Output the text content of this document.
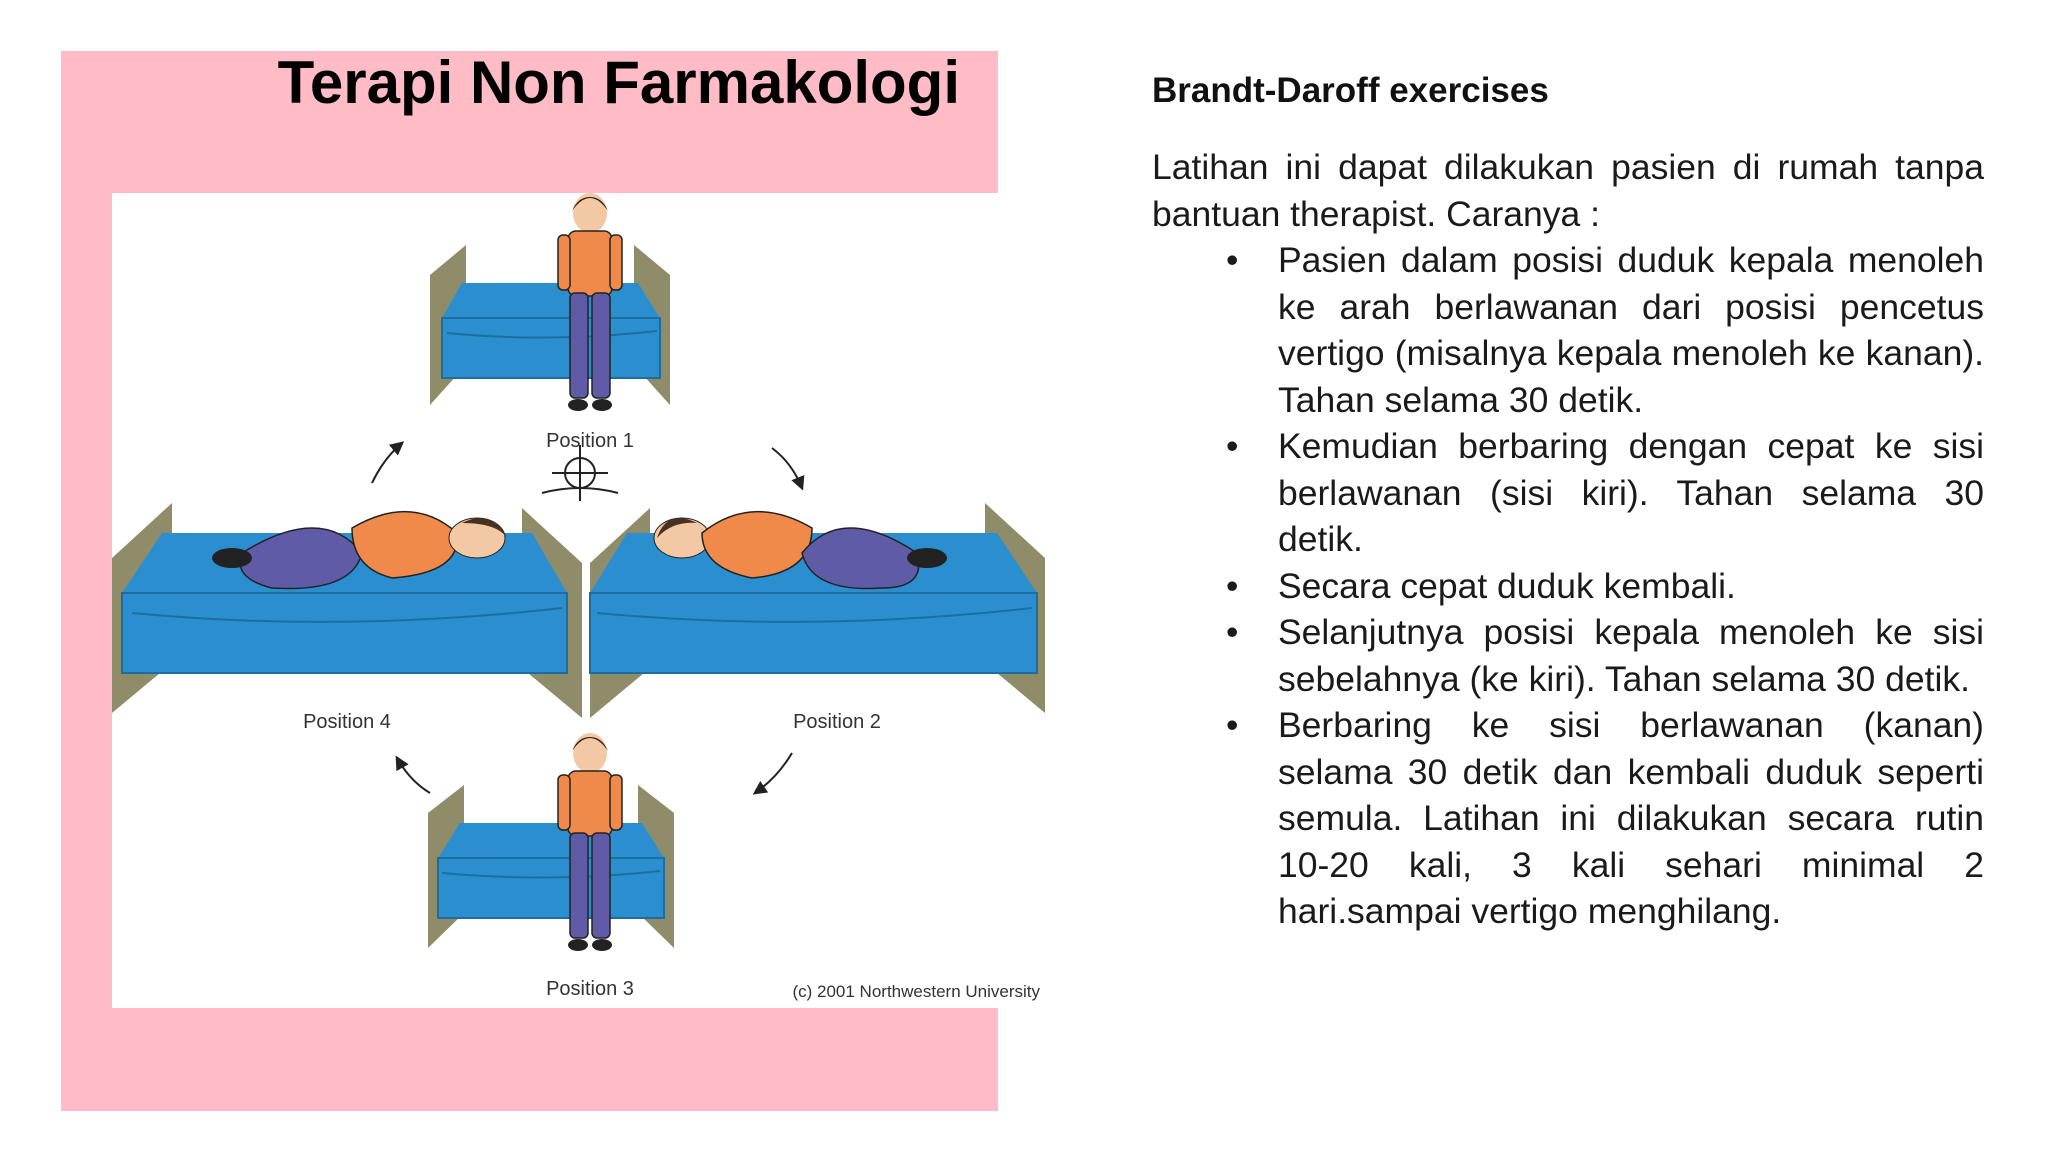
Terapi Non Farmakologi
Position 1
Position 2
Position 3
Position 4
(c) 2001 Northwestern University
Brandt-Daroff exercises

Latihan ini dapat dilakukan pasien di rumah tanpa bantuan therapist. Caranya :

• Pasien dalam posisi duduk kepala menoleh ke arah berlawanan dari posisi pencetus vertigo (misalnya kepala menoleh ke kanan). Tahan selama 30 detik.
• Kemudian berbaring dengan cepat ke sisi berlawanan (sisi kiri). Tahan selama 30 detik.
• Secara cepat duduk kembali.
• Selanjutnya posisi kepala menoleh ke sisi sebelahnya (ke kiri). Tahan selama 30 detik.
• Berbaring ke sisi berlawanan (kanan) selama 30 detik dan kembali duduk seperti semula. Latihan ini dilakukan secara rutin 10-20 kali, 3 kali sehari minimal 2 hari.sampai vertigo menghilang.
